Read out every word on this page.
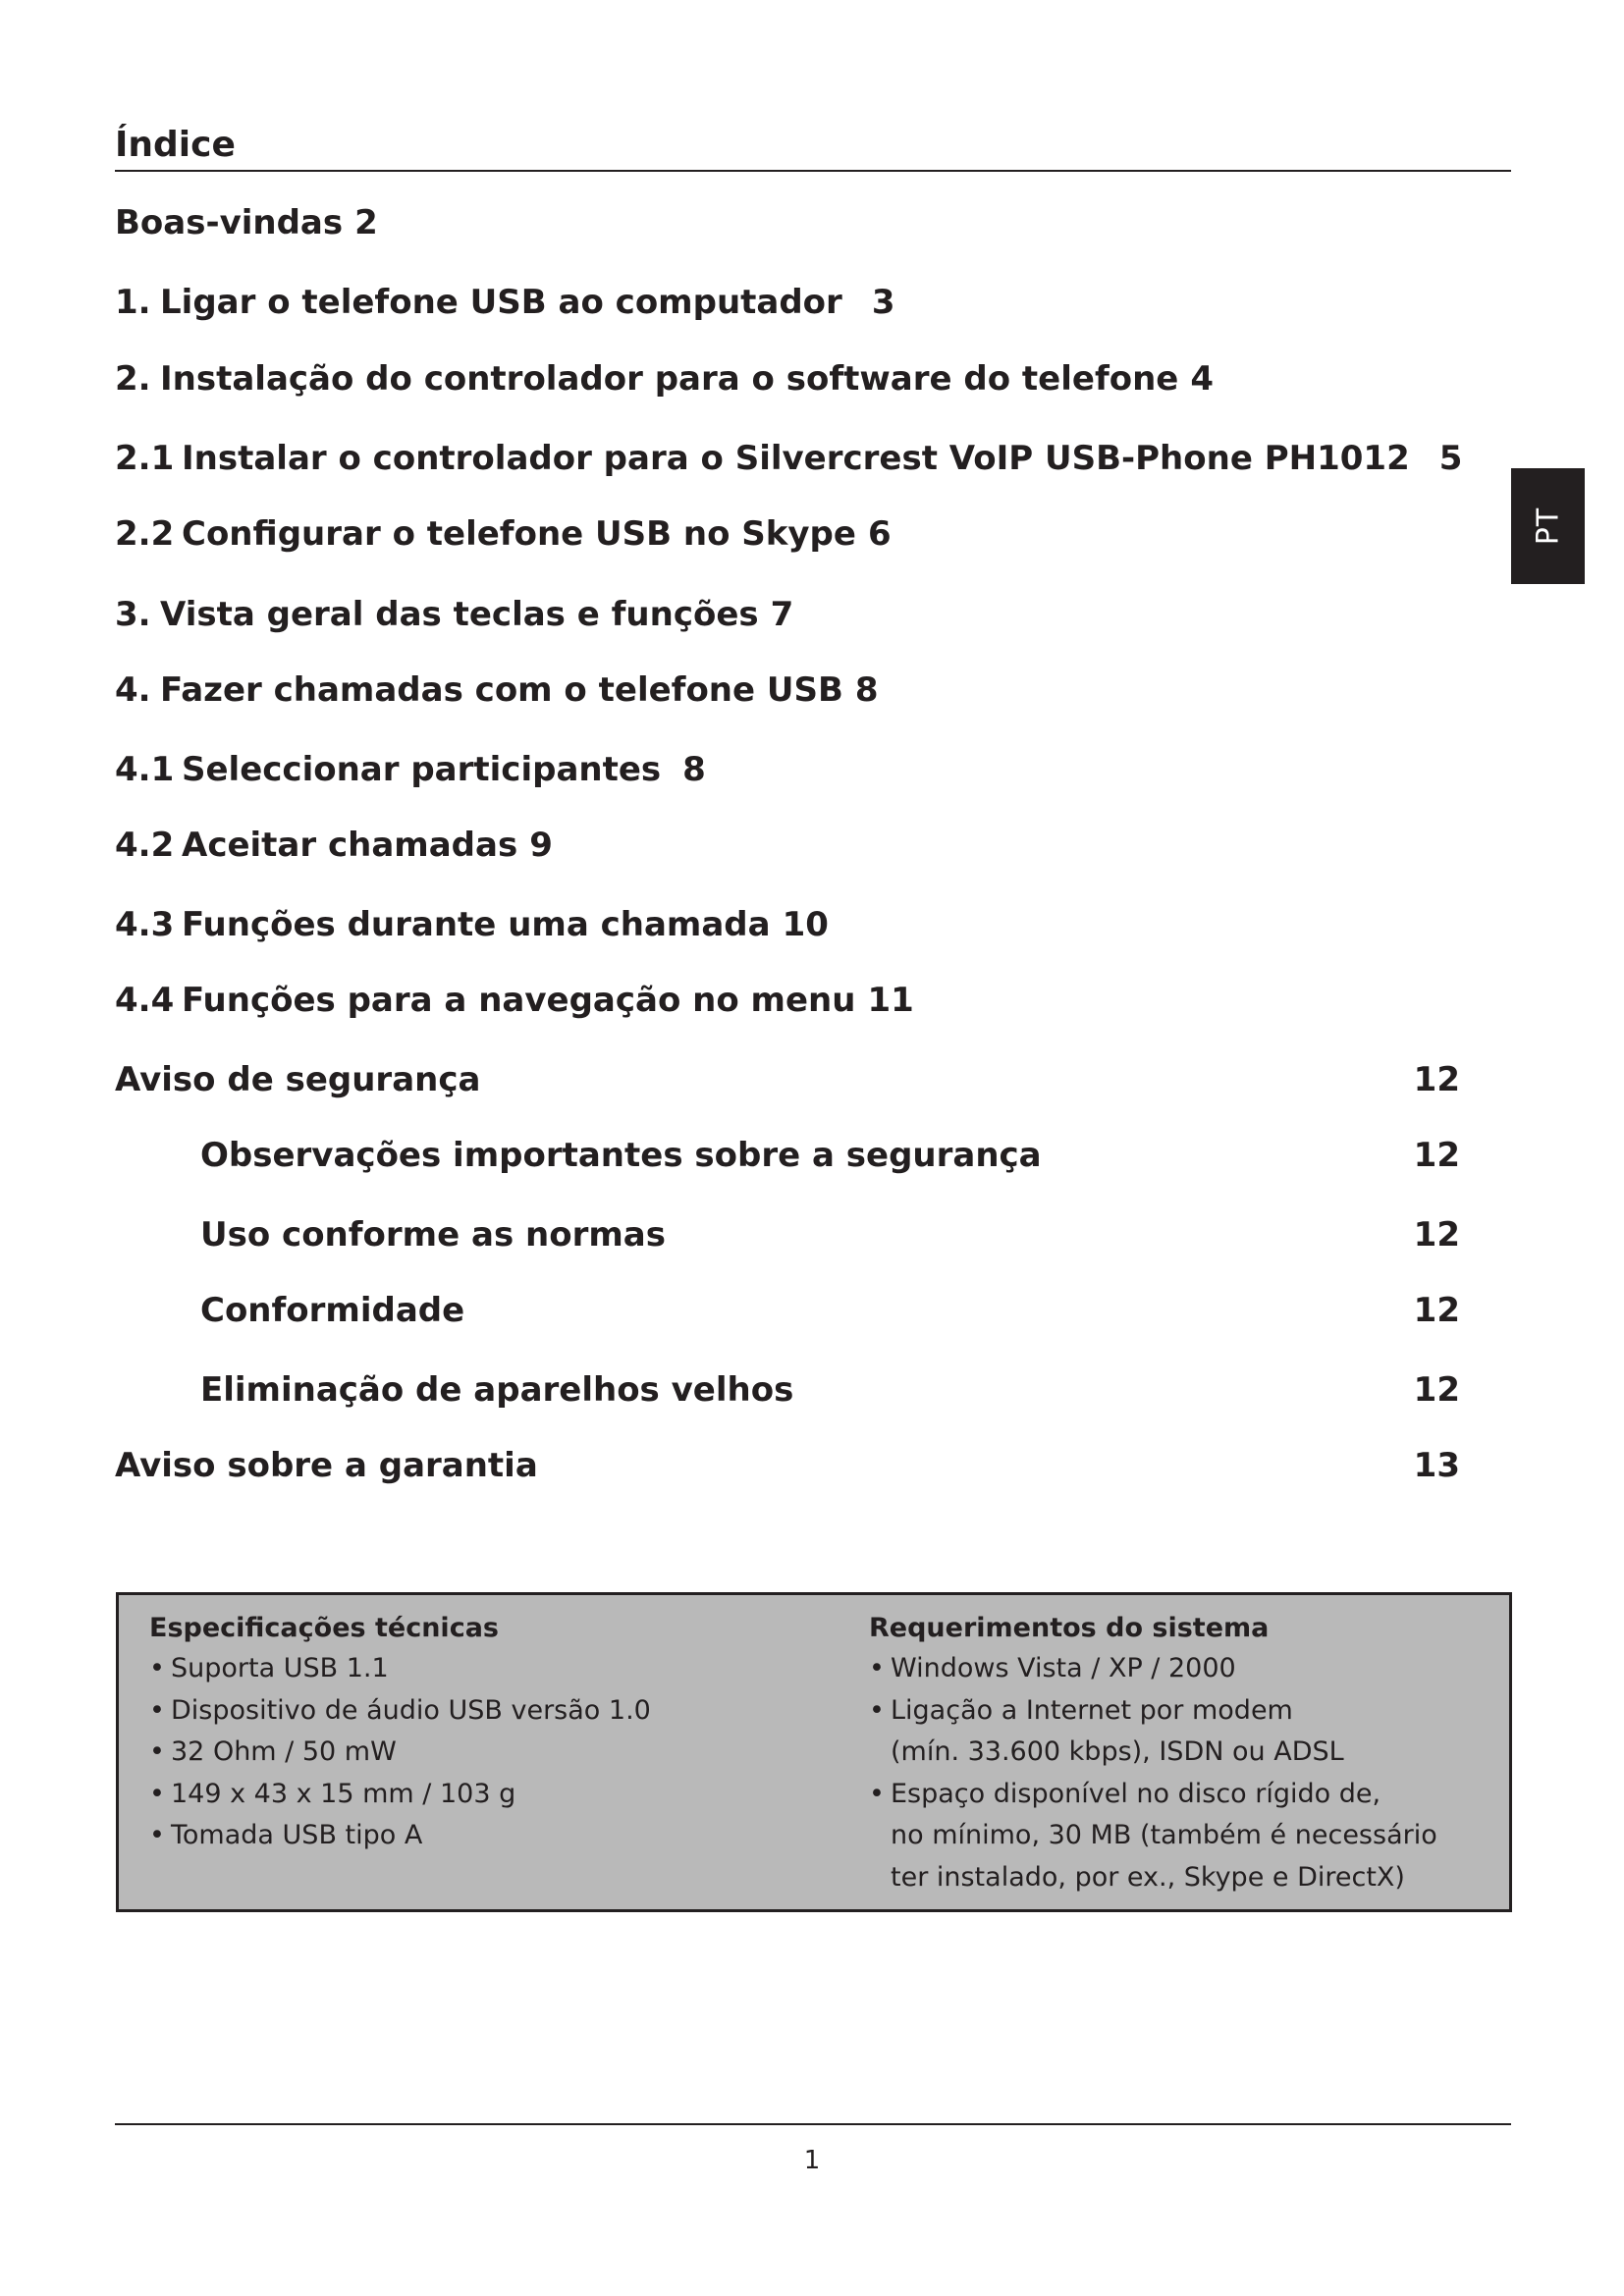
Índice
PT
Boas-vindas 2
1. Ligar o telefone USB ao computador 3
2. Instalação do controlador para o software do telefone 4
2.1 Instalar o controlador para o Silvercrest VoIP USB-Phone PH1012 5
2.2 Configurar o telefone USB no Skype 6
3. Vista geral das teclas e funções 7
4. Fazer chamadas com o telefone USB 8
4.1 Seleccionar participantes 8
4.2 Aceitar chamadas 9
4.3 Funções durante uma chamada 10
4.4 Funções para a navegação no menu 11
Aviso de segurança	12
Observações importantes sobre a segurança	12
Uso conforme as normas	12
Conformidade	12
Eliminação de aparelhos velhos	12
Aviso sobre a garantia	13
Especificações técnicas
• Suporta USB 1.1
• Dispositivo de áudio USB versão 1.0
• 32 Ohm / 50 mW
• 149 x 43 x 15 mm / 103 g
• Tomada USB tipo A
Requerimentos do sistema
• Windows Vista / XP / 2000
• Ligação a Internet por modem
(mín. 33.600 kbps), ISDN ou ADSL
• Espaço disponível no disco rígido de,
no mínimo, 30 MB (também é necessário
ter instalado, por ex., Skype e DirectX)
1
